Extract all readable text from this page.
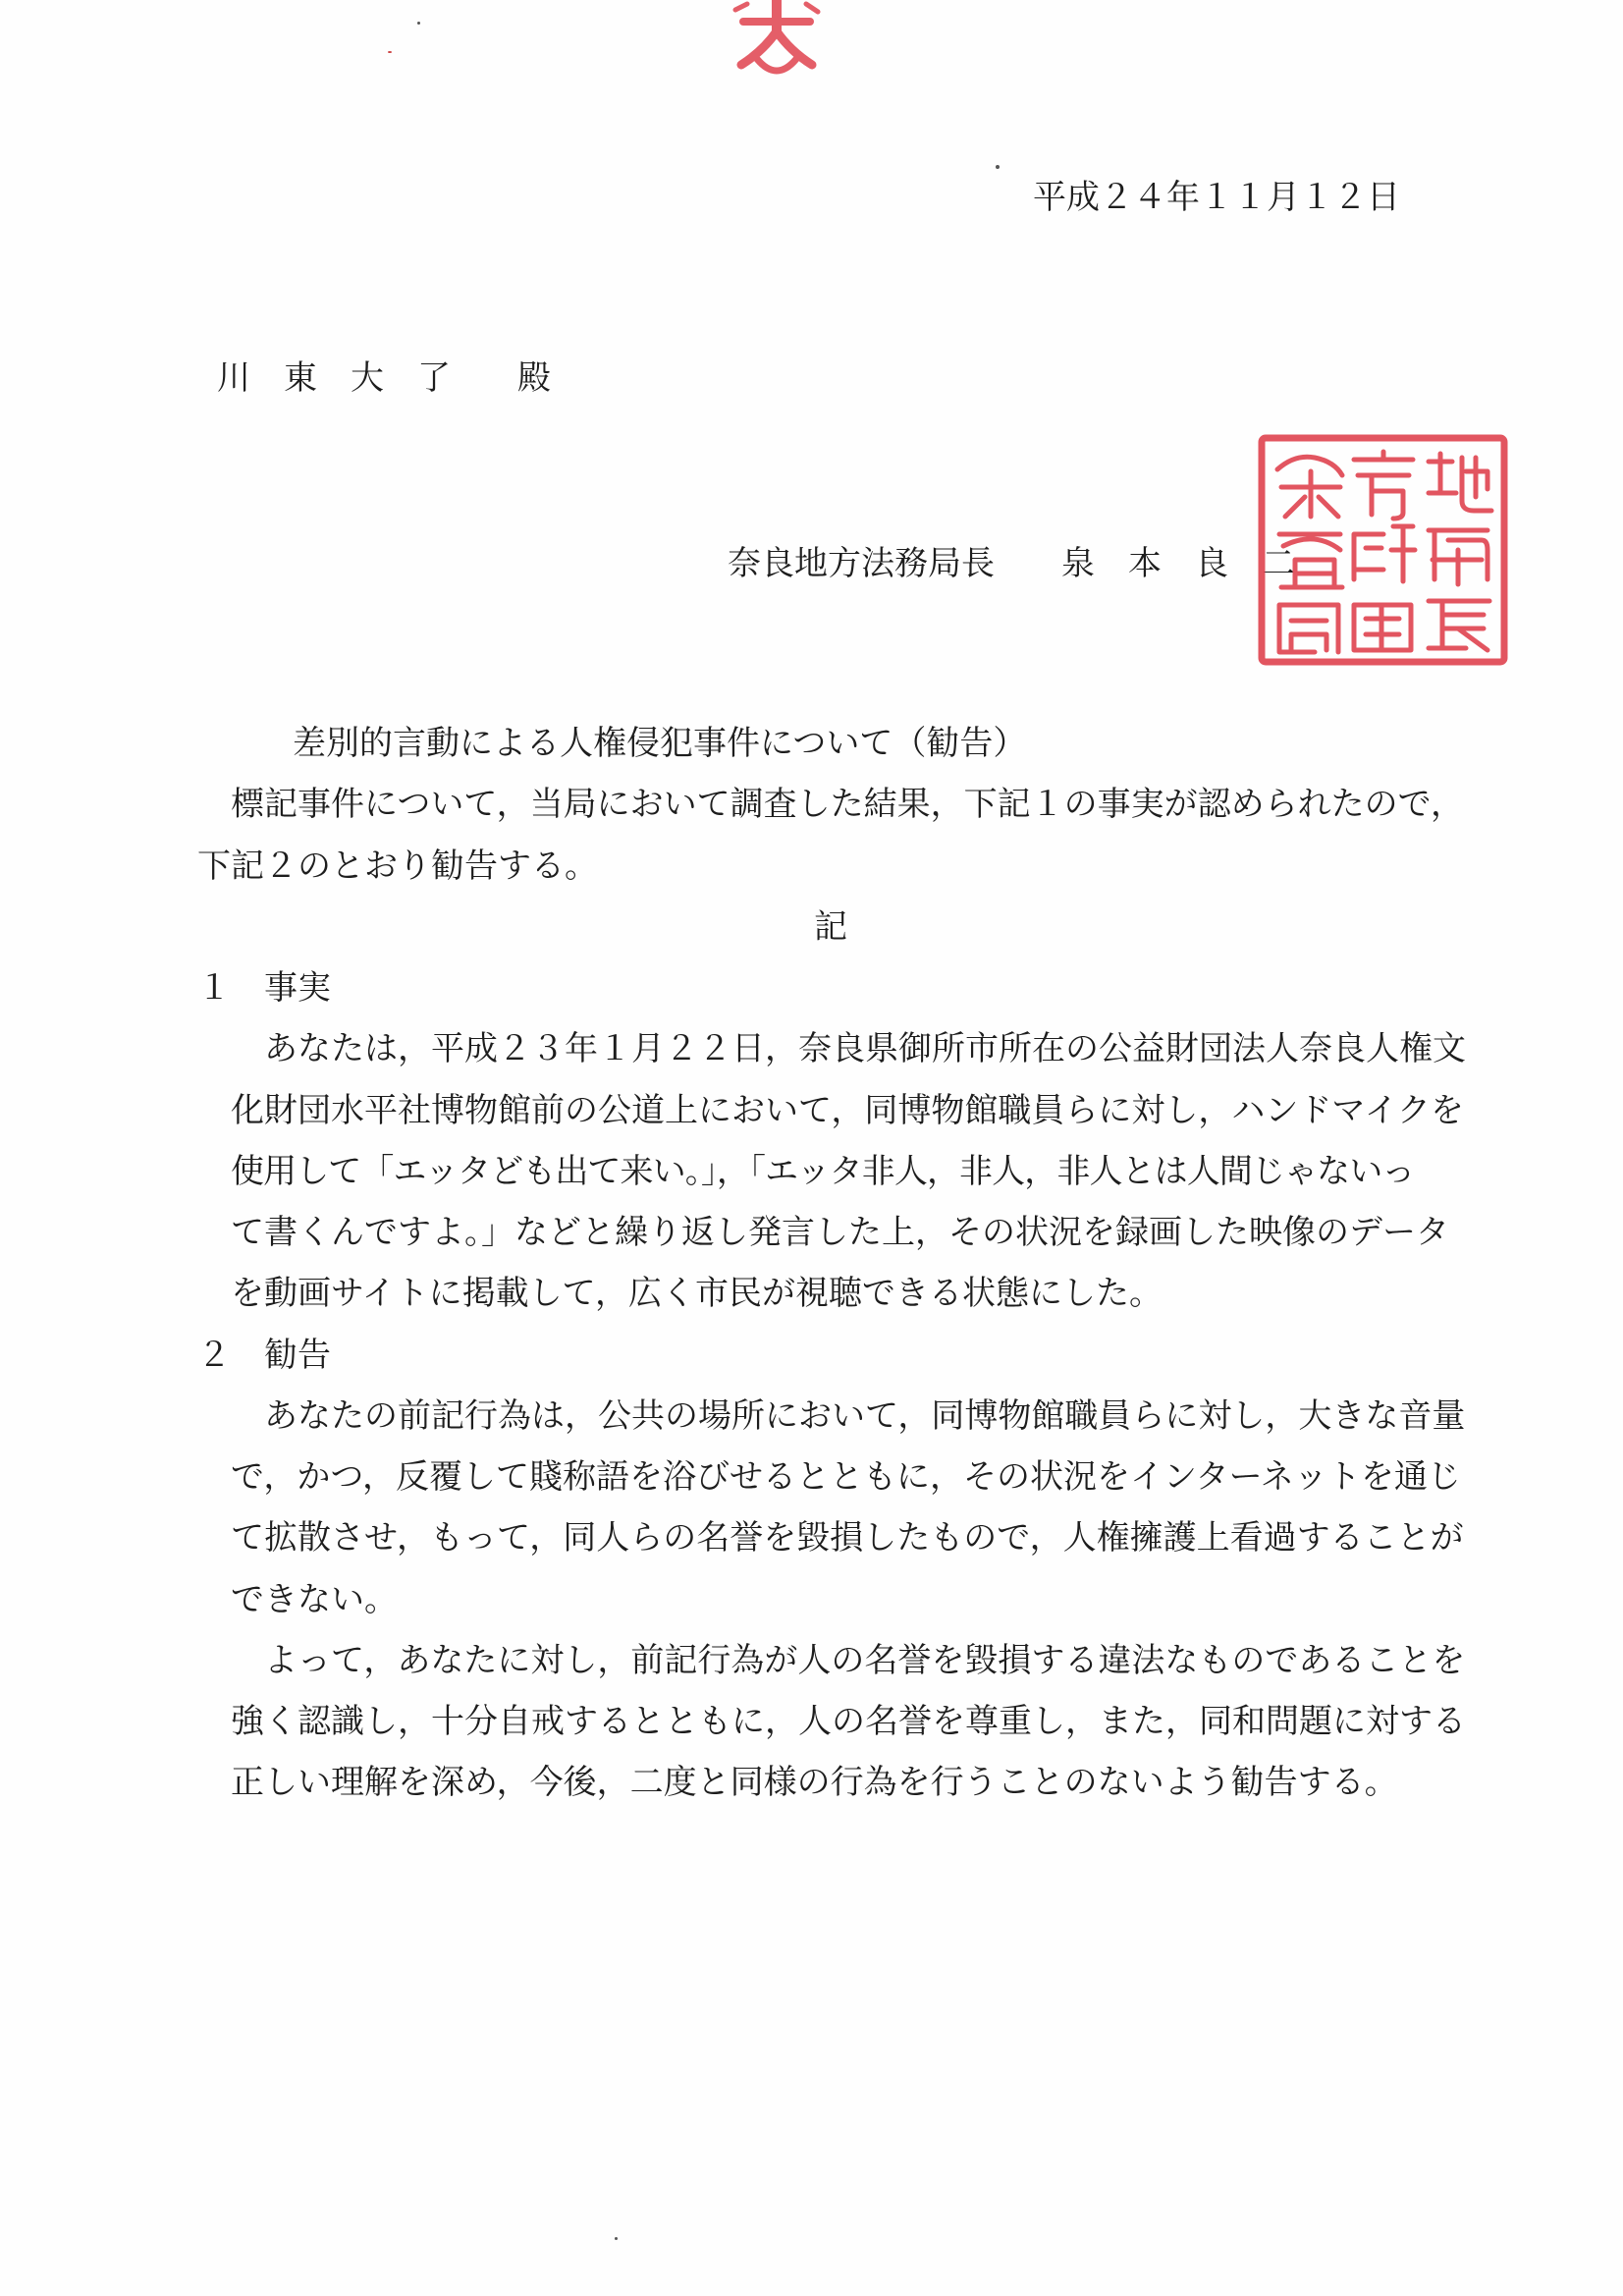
平成２４年１１月１２日
川　東　大　了　　殿
奈良地方法務局長　　泉　本　良　二
差別的言動による人権侵犯事件について（勧告）
標記事件について，当局において調査した結果，下記１の事実が認められたので，
下記２のとおり勧告する。
記
１　事実
あなたは，平成２３年１月２２日，奈良県御所市所在の公益財団法人奈良人権文
化財団水平社博物館前の公道上において，同博物館職員らに対し，ハンドマイクを
使用して「エッタども出て来い。」，「エッタ非人，非人，非人とは人間じゃないっ
て書くんですよ。」などと繰り返し発言した上，その状況を録画した映像のデータ
を動画サイトに掲載して，広く市民が視聴できる状態にした。
２　勧告
あなたの前記行為は，公共の場所において，同博物館職員らに対し，大きな音量
で，かつ，反覆して賤称語を浴びせるとともに，その状況をインターネットを通じ
て拡散させ，もって，同人らの名誉を毀損したもので，人権擁護上看過することが
できない。
よって，あなたに対し，前記行為が人の名誉を毀損する違法なものであることを
強く認識し，十分自戒するとともに，人の名誉を尊重し，また，同和問題に対する
正しい理解を深め，今後，二度と同様の行為を行うことのないよう勧告する。
